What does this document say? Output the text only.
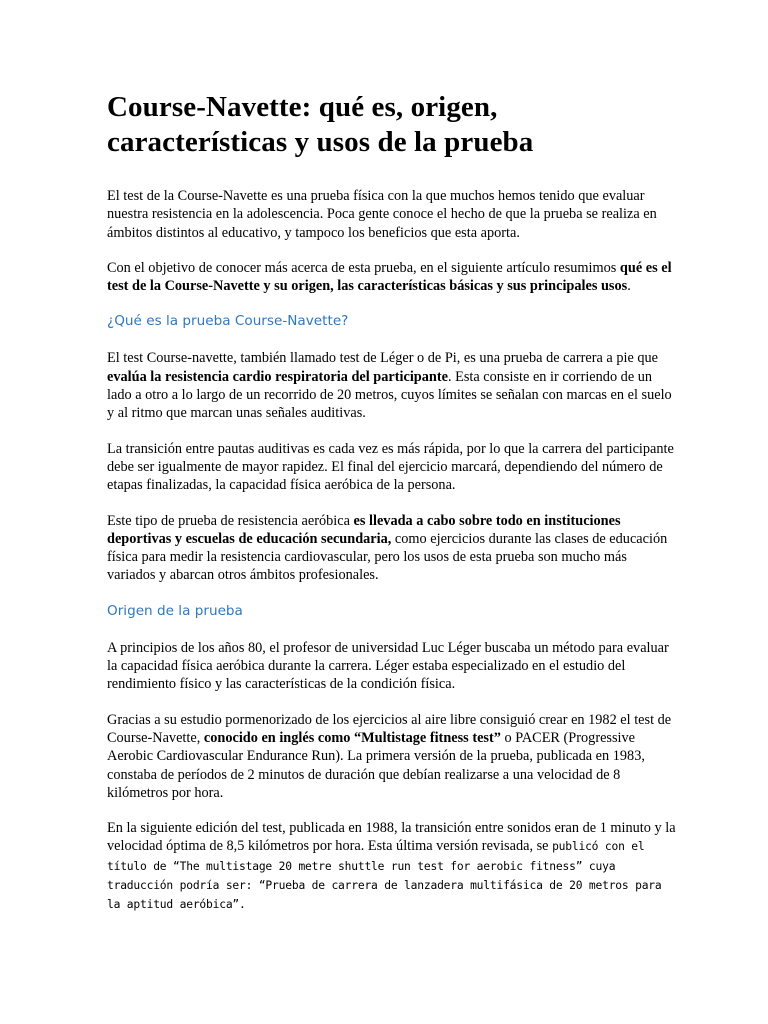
Course-Navette: qué es, origen, características y usos de la prueba

El test de la Course-Navette es una prueba física con la que muchos hemos tenido que evaluar nuestra resistencia en la adolescencia. Poca gente conoce el hecho de que la prueba se realiza en ámbitos distintos al educativo, y tampoco los beneficios que esta aporta.

Con el objetivo de conocer más acerca de esta prueba, en el siguiente artículo resumimos qué es el test de la Course-Navette y su origen, las características básicas y sus principales usos.

¿Qué es la prueba Course-Navette?

El test Course-navette, también llamado test de Léger o de Pi, es una prueba de carrera a pie que evalúa la resistencia cardio respiratoria del participante. Esta consiste en ir corriendo de un lado a otro a lo largo de un recorrido de 20 metros, cuyos límites se señalan con marcas en el suelo y al ritmo que marcan unas señales auditivas.

La transición entre pautas auditivas es cada vez es más rápida, por lo que la carrera del participante debe ser igualmente de mayor rapidez. El final del ejercicio marcará, dependiendo del número de etapas finalizadas, la capacidad física aeróbica de la persona.

Este tipo de prueba de resistencia aeróbica es llevada a cabo sobre todo en instituciones deportivas y escuelas de educación secundaria, como ejercicios durante las clases de educación física para medir la resistencia cardiovascular, pero los usos de esta prueba son mucho más variados y abarcan otros ámbitos profesionales.

Origen de la prueba

A principios de los años 80, el profesor de universidad Luc Léger buscaba un método para evaluar la capacidad física aeróbica durante la carrera. Léger estaba especializado en el estudio del rendimiento físico y las características de la condición física.

Gracias a su estudio pormenorizado de los ejercicios al aire libre consiguió crear en 1982 el test de Course-Navette, conocido en inglés como “Multistage fitness test” o PACER (Progressive Aerobic Cardiovascular Endurance Run). La primera versión de la prueba, publicada en 1983, constaba de períodos de 2 minutos de duración que debían realizarse a una velocidad de 8 kilómetros por hora.

En la siguiente edición del test, publicada en 1988, la transición entre sonidos eran de 1 minuto y la velocidad óptima de 8,5 kilómetros por hora. Esta última versión revisada, se publicó con el título de “The multistage 20 metre shuttle run test for aerobic fitness” cuya traducción podría ser: “Prueba de carrera de lanzadera multifásica de 20 metros para la aptitud aeróbica”.
